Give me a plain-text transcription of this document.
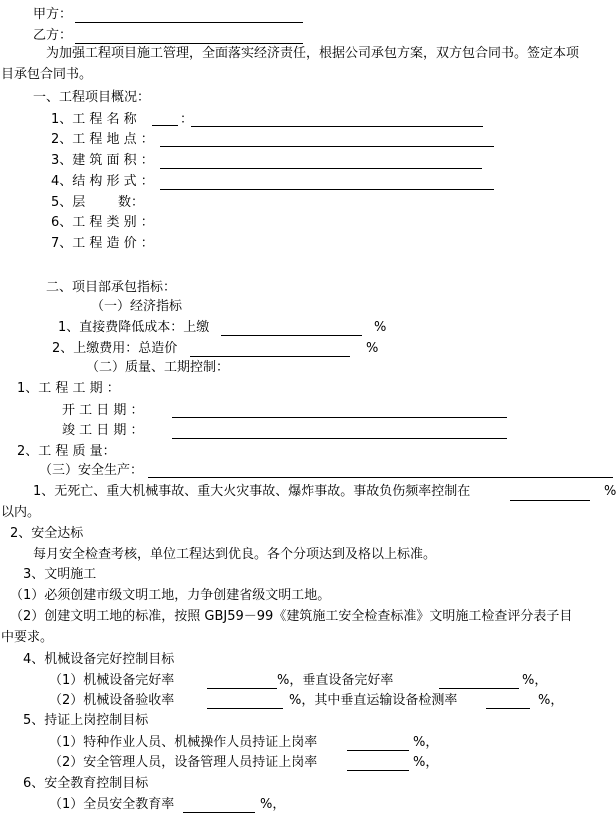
甲方：
乙方：
为加强工程项目施工管理，全面落实经济责任，根据公司承包方案，双方包合同书。签定本项
目承包合同书。
一、工程项目概况：
1、工 程 名 称	：
2、工 程 地 点 ：
3、建 筑 面 积 ：
4、结 构 形 式 ：
5、层	数：
6、工 程 类 别 ：
7、工 程 造 价 ：
二、项目部承包指标：
（一）经济指标
1、直接费降低成本：上缴	%
2、上缴费用：总造价	%
（二）质量、工期控制：
1、工 程 工 期 ：
开 工 日 期 ：
竣 工 日 期 ：
2、工 程 质 量：
（三）安全生产：
1、无死亡、重大机械事故、重大火灾事故、爆炸事故。事故负伤频率控制在	%
以内。
2、安全达标
每月安全检查考核，单位工程达到优良。各个分项达到及格以上标准。
3、文明施工
（1）必须创建市级文明工地，力争创建省级文明工地。
（2）创建文明工地的标准，按照 GBJ59－99《建筑施工安全检查标准》文明施工检查评分表子目
中要求。
4、机械设备完好控制目标
（1）机械设备完好率	%，垂直设备完好率	%，
（2）机械设备验收率	%，其中垂直运输设备检测率	%，
5、持证上岗控制目标
（1）特种作业人员、机械操作人员持证上岗率	%，
（2）安全管理人员，设备管理人员持证上岗率	%，
6、安全教育控制目标
（1）全员安全教育率	%，
